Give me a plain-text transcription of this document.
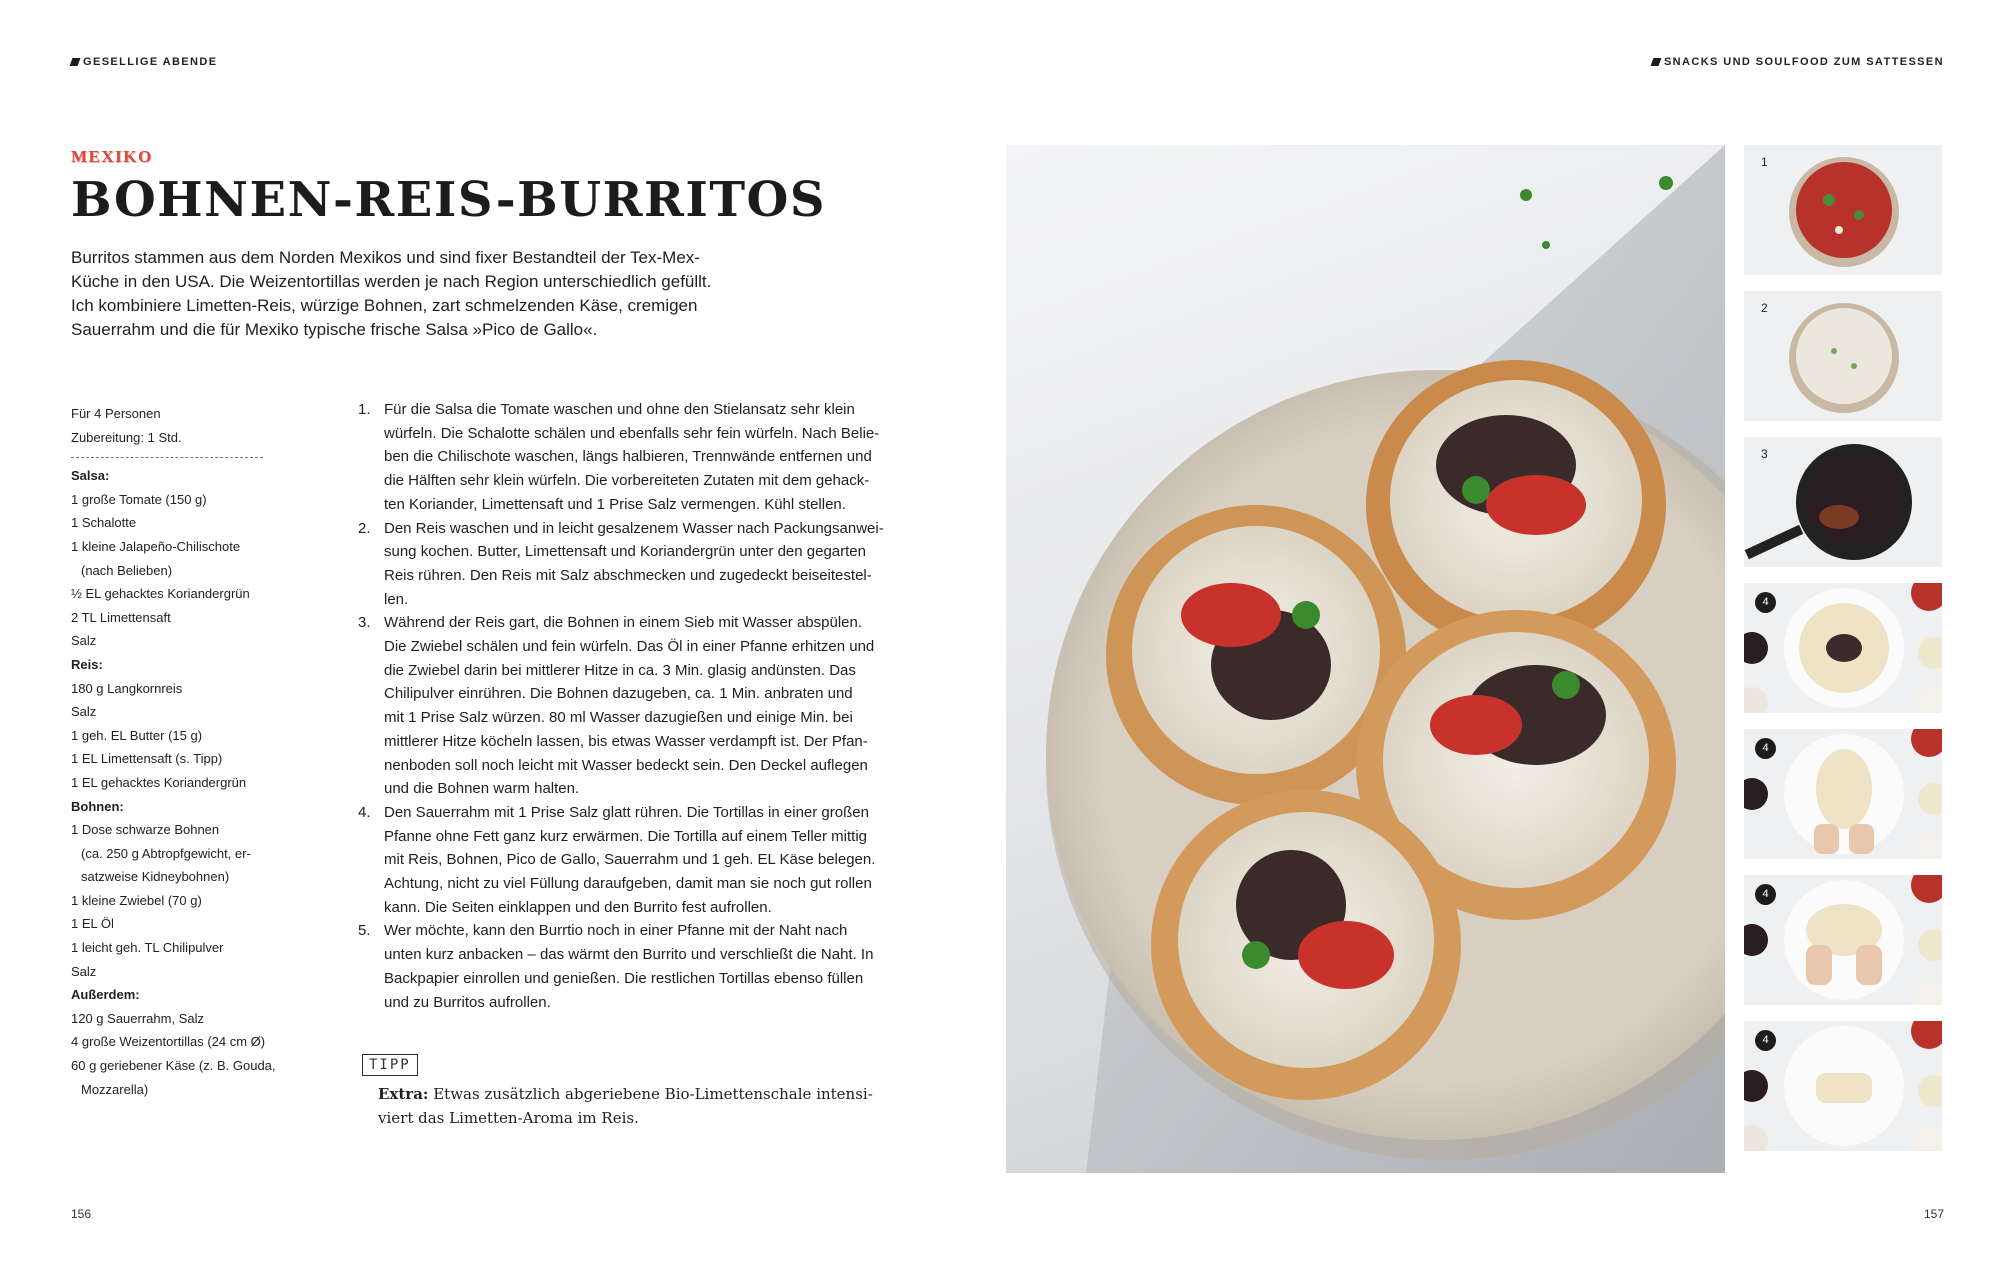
GESELLIGE ABENDE	SNACKS UND SOULFOOD ZUM SATTESSEN
MEXIKO
BOHNEN-REIS-BURRITOS
Burritos stammen aus dem Norden Mexikos und sind fixer Bestandteil der Tex-Mex-
Küche in den USA. Die Weizentortillas werden je nach Region unterschiedlich gefüllt.
Ich kombiniere Limetten-Reis, würzige Bohnen, zart schmelzenden Käse, cremigen
Sauerrahm und die für Mexiko typische frische Salsa »Pico de Gallo«.
Für 4 Personen
Zubereitung: 1 Std.
Salsa:
1 große Tomate (150 g)
1 Schalotte
1 kleine Jalapeño-Chilischote
(nach Belieben)
½ EL gehacktes Koriandergrün
2 TL Limettensaft
Salz
Reis:
180 g Langkornreis
Salz
1 geh. EL Butter (15 g)
1 EL Limettensaft (s. Tipp)
1 EL gehacktes Koriandergrün
Bohnen:
1 Dose schwarze Bohnen
(ca. 250 g Abtropfgewicht, er-
satzweise Kidneybohnen)
1 kleine Zwiebel (70 g)
1 EL Öl
1 leicht geh. TL Chilipulver
Salz
Außerdem:
120 g Sauerrahm, Salz
4 große Weizentortillas (24 cm Ø)
60 g geriebener Käse (z. B. Gouda,
Mozzarella)
1. Für die Salsa die Tomate waschen und ohne den Stielansatz sehr klein
würfeln. Die Schalotte schälen und ebenfalls sehr fein würfeln. Nach Belie-
ben die Chilischote waschen, längs halbieren, Trennwände entfernen und
die Hälften sehr klein würfeln. Die vorbereiteten Zutaten mit dem gehack-
ten Koriander, Limettensaft und 1 Prise Salz vermengen. Kühl stellen.
2. Den Reis waschen und in leicht gesalzenem Wasser nach Packungsanwei-
sung kochen. Butter, Limettensaft und Koriandergrün unter den gegarten
Reis rühren. Den Reis mit Salz abschmecken und zugedeckt beiseitestel-
len.
3. Während der Reis gart, die Bohnen in einem Sieb mit Wasser abspülen.
Die Zwiebel schälen und fein würfeln. Das Öl in einer Pfanne erhitzen und
die Zwiebel darin bei mittlerer Hitze in ca. 3 Min. glasig andünsten. Das
Chilipulver einrühren. Die Bohnen dazugeben, ca. 1 Min. anbraten und
mit 1 Prise Salz würzen. 80 ml Wasser dazugießen und einige Min. bei
mittlerer Hitze köcheln lassen, bis etwas Wasser verdampft ist. Der Pfan-
nenboden soll noch leicht mit Wasser bedeckt sein. Den Deckel auflegen
und die Bohnen warm halten.
4. Den Sauerrahm mit 1 Prise Salz glatt rühren. Die Tortillas in einer großen
Pfanne ohne Fett ganz kurz erwärmen. Die Tortilla auf einem Teller mittig
mit Reis, Bohnen, Pico de Gallo, Sauerrahm und 1 geh. EL Käse belegen.
Achtung, nicht zu viel Füllung daraufgeben, damit man sie noch gut rollen
kann. Die Seiten einklappen und den Burrito fest aufrollen.
5. Wer möchte, kann den Burrtio noch in einer Pfanne mit der Naht nach
unten kurz anbacken – das wärmt den Burrito und verschließt die Naht. In
Backpapier einrollen und genießen. Die restlichen Tortillas ebenso füllen
und zu Burritos aufrollen.
TIPP
Extra: Etwas zusätzlich abgeriebene Bio-Limettenschale intensi-
viert das Limetten-Aroma im Reis.
156	157
1
2
3
4
4
4
4
